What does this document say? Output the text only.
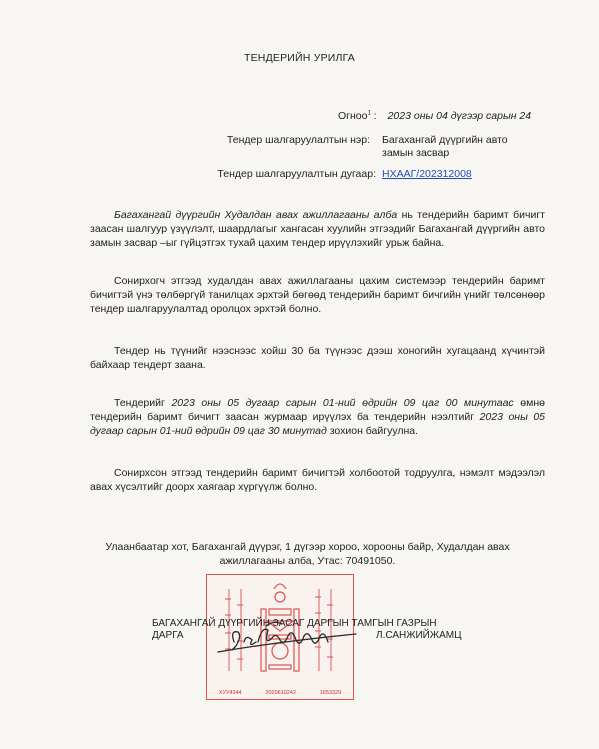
ТЕНДЕРИЙН УРИЛГА
Огноо$^1$ : 2023 оны 04 дүгээр сарын 24
Тендер шалгаруулалтын нэр: Багахангай дүүргийн авто замын засвар
Тендер шалгаруулалтын дугаар: НХААГ/202312008
Багахангай дүүргийн Худалдан авах ажиллагааны алба нь тендерийн баримт бичигт заасан шалгуур үзүүлэлт, шаардлагыг хангасан хуулийн этгээдийг Багахангай дүүргийн авто замын засвар –ыг гүйцэтгэх тухай цахим тендер ирүүлэхийг урьж байна.
Сонирхогч этгээд худалдан авах ажиллагааны цахим системээр тендерийн баримт бичигтэй үнэ төлбөргүй танилцах эрхтэй бөгөөд тендерийн баримт бичгийн үнийг төлсөнөөр тендер шалгаруулалтад оролцох эрхтэй болно.
Тендер нь түүнийг нээснээс хойш 30 ба түүнээс дээш хоногийн хугацаанд хүчинтэй байхаар тендерт заана.
Тендерийг 2023 оны 05 дугаар сарын 01-ний өдрийн 09 цаг 00 минутаас өмнө тендерийн баримт бичигт заасан журмаар ирүүлэх ба тендерийн нээлтийг 2023 оны 05 дугаар сарын 01-ний өдрийн 09 цаг 30 минутад зохион байгуулна.
Сонирхсон этгээд тендерийн баримт бичигтэй холбоотой тодруулга, нэмэлт мэдээлэл авах хүсэлтийг доорх хаягаар хүргүүлж болно.
Улаанбаатар хот, Багахангай дүүрэг, 1 дүгээр хороо, хорооны байр, Худалдан авах ажиллагааны алба, Утас: 70491050.
ХУУ4344	2020610242	1653329
БАГАХАНГАЙ ДҮҮРГИЙН ЗАСАГ ДАРГЫН ТАМГЫН ГАЗРЫН
ДАРГА	Л.САНЖИЙЖАМЦ
